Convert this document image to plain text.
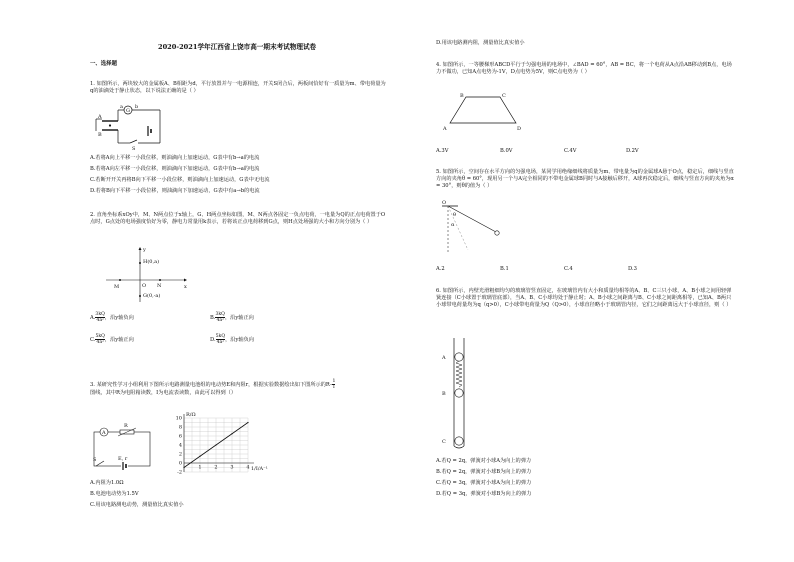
2020-2021学年江西省上饶市高一期末考试物理试卷
一、选择题
1. 如图所示，两块较大的金属板A、B相距为d，平行放置并与一电源相连，开关S闭合后，两板间恰好有一质量为m、带电荷量为q的油滴处于静止状态，以下说法正确的是（ ）
A
B
G
S
a b
A.若将A向上平移一小段位移，则油滴向上加速运动，G表中有b→a的电流
B.若将A向左平移一小段位移，则油滴向下加速运动，G表中有b→a的电流
C.若断开开关再将B向下平移一小段位移，则油滴向上加速运动，G表中无电流
D.若将B向下平移一小段位移，则油滴向下加速运动，G表中有a→b的电流
2. 直角坐标系xOy中，M、N两点位于x轴上，G、H两点坐标如图，M、N两点各固定一负点电荷，一电量为Q的正点电荷置于O点时，G点处的电场强度恰好为零，静电力常量用k表示，若将该正点电荷移到G点，则H点处场强的大小和方向分别为（ ）
y
x
H(0,a)
G(0,-a)
M	N
O
A. $\frac{3kQ}{\text{4a²}}$ ，沿y轴负向	B. $\frac{3kQ}{\text{4a²}}$ ，沿y轴正向
C. $\frac{5kQ}{\text{4a²}}$ ，沿y轴正向	D. $\frac{5kQ}{\text{4a²}}$ ，沿y轴负向
3. 某研究性学习小组利用下图所示电路测量电池组的电动势E和内阻r，根据实验数据绘出如下图所示的$R- \frac{1}{I}$

图线，其中R为电阻箱读数，I为电流表读数，由此可以得到（）
A
R
S	E, r
10
8
6
4
2
0
-2
1	2	3	4
R/Ω
1/I/A⁻¹
A.内阻为1.0Ω
B.电池电动势为1.5V
C.用该电路测电动势，测量值比真实值小
D.用该电路测内阻，测量值比真实值小
4. 如图所示，一等腰梯形ABCD平行于匀强电场的电场中，∠BAD = 60°，AB = BC，将一个电荷从A点沿AB移动到B点，电场力不做功，已知A点电势为-1V，D点电势为5V，则C点电势为（ ）
A
B	C
D
A.3V	B.0V	C.4V	D.2V
5. 如图所示，空间存在水平方向的匀强电场，某同学用绝缘细线将质量为m、带电量为q的金属球A悬于O点，稳定后，细线与竖直方向的夹角θ = 60°，现用另一个与A完全相同的不带电金属球B同时与A接触后移开，A球再次稳定后，细线与竖直方向的夹角为α = 30°，则θ的值为（ ）
O
θ
α
A.2	B.1	C.4	D.3
6. 如图所示，内壁光滑粗细均匀的玻璃管竖直固定，在玻璃管内有大小和质量均相等的A、B、C三只小球，A、B小球之间用轻弹簧连接（C小球置于玻璃管底部），当A、B、C小球均处于静止时；A、B小球之间距离与B、C小球之间距离相等，已知A、B两只小球带电荷量均为q（q>0），C小球带电荷量为Q（Q>0），小球直径略小于玻璃管内径，它们之间距离远大于小球直径，则（ ）
A
B
C
A.若Q = 2q，弹簧对小球A为向上的弹力
B.若Q = 2q，弹簧对小球B为向上的弹力
C.若Q = 3q，弹簧对小球A为向上的弹力
D.若Q = 3q，弹簧对小球B为向上的弹力
